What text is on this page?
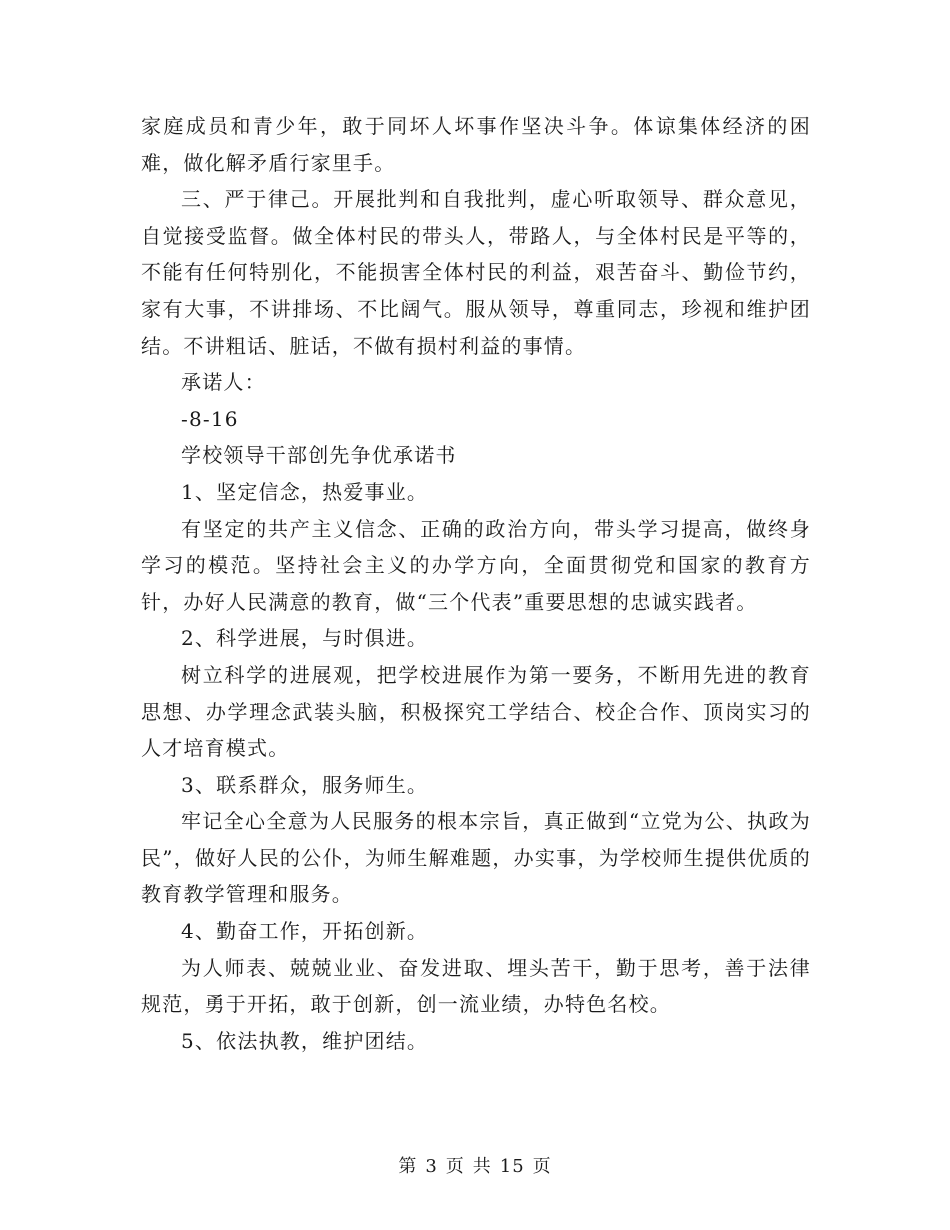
家庭成员和青少年，敢于同坏人坏事作坚决斗争。体谅集体经济的困难，做化解矛盾行家里手。

三、严于律己。开展批判和自我批判，虚心听取领导、群众意见，自觉接受监督。做全体村民的带头人，带路人，与全体村民是平等的，不能有任何特别化，不能损害全体村民的利益，艰苦奋斗、勤俭节约，家有大事，不讲排场、不比阔气。服从领导，尊重同志，珍视和维护团结。不讲粗话、脏话，不做有损村利益的事情。

承诺人：

-8-16

学校领导干部创先争优承诺书

1、坚定信念，热爱事业。

有坚定的共产主义信念、正确的政治方向，带头学习提高，做终身学习的模范。坚持社会主义的办学方向，全面贯彻党和国家的教育方针，办好人民满意的教育，做“三个代表”重要思想的忠诚实践者。

2、科学进展，与时俱进。

树立科学的进展观，把学校进展作为第一要务，不断用先进的教育思想、办学理念武装头脑，积极探究工学结合、校企合作、顶岗实习的人才培育模式。

3、联系群众，服务师生。

牢记全心全意为人民服务的根本宗旨，真正做到“立党为公、执政为民”，做好人民的公仆，为师生解难题，办实事，为学校师生提供优质的教育教学管理和服务。

4、勤奋工作，开拓创新。

为人师表、兢兢业业、奋发进取、埋头苦干，勤于思考，善于法律规范，勇于开拓，敢于创新，创一流业绩，办特色名校。

5、依法执教，维护团结。

第 3 页 共 15 页
